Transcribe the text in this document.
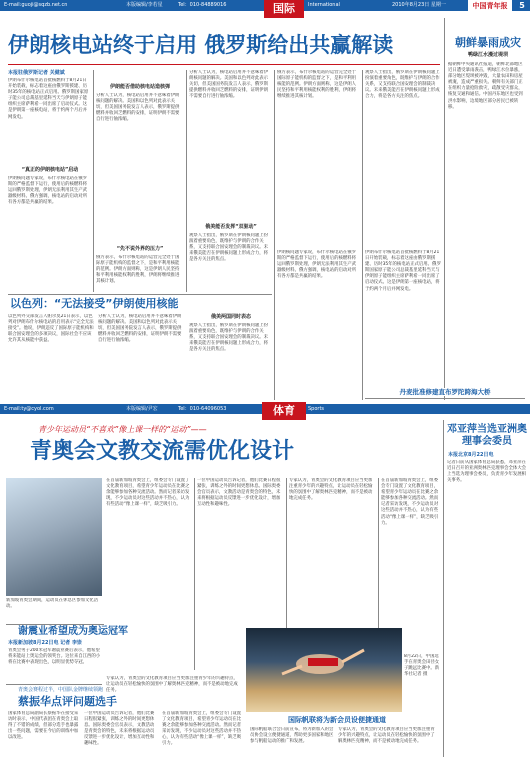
E-mail:guoji@sqzb.net.cn	本版编辑/李若星	Tel：010-84889016	International	2010年8月23日 星期一
国际	中国青年报	5
伊朗核电站终于启用 俄罗斯给出共赢解读
本报驻俄罗斯记者 关健斌
伊朗布什尔核电站首批核燃料于8月21日开始装载，标志着这座由俄罗斯援建、历时35年的核电站正式启用。俄罗斯国家原子能公司总裁基里延科当天与伊朗原子能组织主席萨利希一同出席了启动仪式。这是伊朗第一座核电站，将于约两个月后并网发电。
“真正的伊朗核电站”启动
伊朗核问题专家说，布什尔核电站在俄罗斯的严格监督下运行，使用后的核燃料将运回俄罗斯处理，伊朗无法利用其生产武器级材料。俄方强调，核电站的启动对所有各方都是共赢的结果。
伊朗能否借助核电站造核弹
分析人士认为，核电站启用并不意味着伊朗核问题的解决。美国和以色列对此表示关切，但美国国务院发言人表示，俄罗斯提供燃料并收回乏燃料的安排，证明伊朗不需要自行进行铀浓缩。
“先不说外界的压力”
俄方表示，布什尔核电站的运营完全处于国际原子能机构的监督之下，是和平利用核能的范例。伊朗方面则称，这是伊朗人民坚持和平利用核能权利的胜利，伊朗将继续推进其核计划。
分析人士认为，核电站启用并不意味着伊朗核问题的解决。美国和以色列对此表示关切，但美国国务院发言人表示，俄罗斯提供燃料并收回乏燃料的安排，证明伊朗不需要自行进行铀浓缩。
俄美能否发挥“双驱动”
观察人士指出，俄罗斯在伊朗核问题上扮演着重要角色，既维护与伊朗的合作关系，又支持联合国安理会的制裁决议。未来俄美能否在伊朗核问题上形成合力，将是各方关注的焦点。
俄方表示，布什尔核电站的运营完全处于国际原子能机构的监督之下，是和平利用核能的范例。伊朗方面则称，这是伊朗人民坚持和平利用核能权利的胜利，伊朗将继续推进其核计划。
伊朗核问题专家说，布什尔核电站在俄罗斯的严格监督下运行，使用后的核燃料将运回俄罗斯处理，伊朗无法利用其生产武器级材料。俄方强调，核电站的启动对所有各方都是共赢的结果。
观察人士指出，俄罗斯在伊朗核问题上扮演着重要角色，既维护与伊朗的合作关系，又支持联合国安理会的制裁决议。未来俄美能否在伊朗核问题上形成合力，将是各方关注的焦点。
伊朗布什尔核电站首批核燃料于8月21日开始装载，标志着这座由俄罗斯援建、历时35年的核电站正式启用。俄罗斯国家原子能公司总裁基里延科当天与伊朗原子能组织主席萨利希一同出席了启动仪式。这是伊朗第一座核电站，将于约两个月后并网发电。
以色列：“无法接受”伊朗使用核能
以色列外交部发言人帕尔莫21日表示，以色列对伊朗布什尔核电站的启用表示“完全无法接受”。他说，伊朗违反了国际原子能机构和联合国安理会的多项决议，国际社会不应该允许其从核能中获益。
分析人士认为，核电站启用并不意味着伊朗核问题的解决。美国和以色列对此表示关切，但美国国务院发言人表示，俄罗斯提供燃料并收回乏燃料的安排，证明伊朗不需要自行进行铀浓缩。
俄美两国同时表态
观察人士指出，俄罗斯在伊朗核问题上扮演着重要角色，既维护与伊朗的合作关系，又支持联合国安理会的制裁决议。未来俄美能否在伊朗核问题上形成合力，将是各方关注的焦点。
朝鲜暴雨成灾
鸭绿江水漫过堤坝
据朝鲜中央通讯社报道，朝鲜北部地区近日遭受暴雨袭击，鸭绿江水位暴涨，部分地区堤坝被冲毁，大量农田和房屋被淹，造成严重损失。朝鲜有关部门正在组织力量抢险救灾，疏散受灾群众，恢复交通和通信。中国丹东地区也受到洪水影响，边境地区部分居民已被转移。
丹麦批准修建直布罗陀跨海大桥
E-mail:ty@cyol.com	本版编辑/尹宏	Tel：010-64096053	Sports
体育
青少年运动员“不喜欢”像上课一样的“运动”——
青奥会文教交流需优化设计
新加坡青奥会期间，运动员在休息区参加文化活动。
在首届新加坡青奥会上，组委会专门设置了文化教育项目，希望青少年运动员在比赛之余能够参加各种交流活动。然而记者采访发现，不少运动员对这些活动并不热心，认为有些活动“像上课一样”，缺乏吸引力。
一位中国运动员告诉记者，他们比赛日程很紧张，训练之外的时间更想休息。国际奥委会官员表示，文教活动是青奥会的特色，未来将根据运动员反馈进一步优化设计，增加互动性和趣味性。
专家认为，青奥会的文化教育项目应当更加注重青少年的兴趣特点，让运动员在轻松愉快的氛围中了解奥林匹克精神，而不是被动地完成任务。
在首届新加坡青奥会上，组委会专门设置了文化教育项目，希望青少年运动员在比赛之余能够参加各种交流活动。然而记者采访发现，不少运动员对这些活动并不热心，认为有些活动“像上课一样”，缺乏吸引力。
8月22日，中国选手在青奥会田径女子跳远比赛中。新华社记者 摄
谢震业希望成为奥运冠军
本报新加坡8月22日电 记者 李崇
青奥会男子200米冠军谢震业赛后表示，他希望将来能站上奥运会的领奖台。这位来自江西的小将在比赛中表现出色，以明显优势夺冠。
专家认为，青奥会的文化教育项目应当更加注重青少年的兴趣特点，让运动员在轻松愉快的氛围中了解奥林匹克精神，而不是被动地完成任务。
青奥会赛程过半，中国队金牌继续领跑
蔡振华点评问题选手
国家体育总局副局长蔡振华在接受采访时表示，中国代表团在青奥会上取得了不错的成绩，但部分选手也暴露出一些问题，需要在今后的训练中加以改进。
一位中国运动员告诉记者，他们比赛日程很紧张，训练之外的时间更想休息。国际奥委会官员表示，文教活动是青奥会的特色，未来将根据运动员反馈进一步优化设计，增加互动性和趣味性。
在首届新加坡青奥会上，组委会专门设置了文化教育项目，希望青少年运动员在比赛之余能够参加各种交流活动。然而记者采访发现，不少运动员对这些活动并不热心，认为有些活动“像上课一样”，缺乏吸引力。
国际帆联将为新会员设便捷通道
国际帆船联合会日前宣布，将为新加入的会员协会设立便捷通道，帮助更多国家和地区参与帆船运动的推广和发展。
专家认为，青奥会的文化教育项目应当更加注重青少年的兴趣特点，让运动员在轻松愉快的氛围中了解奥林匹克精神，而不是被动地完成任务。
邓亚萍当选亚洲奥理事会委员
本报北京8月22日电
记者日前从国家体育总局获悉，邓亚萍在近日召开的亚洲奥林匹克理事会全体大会上当选为理事会委员，负责青少年发展相关事务。
